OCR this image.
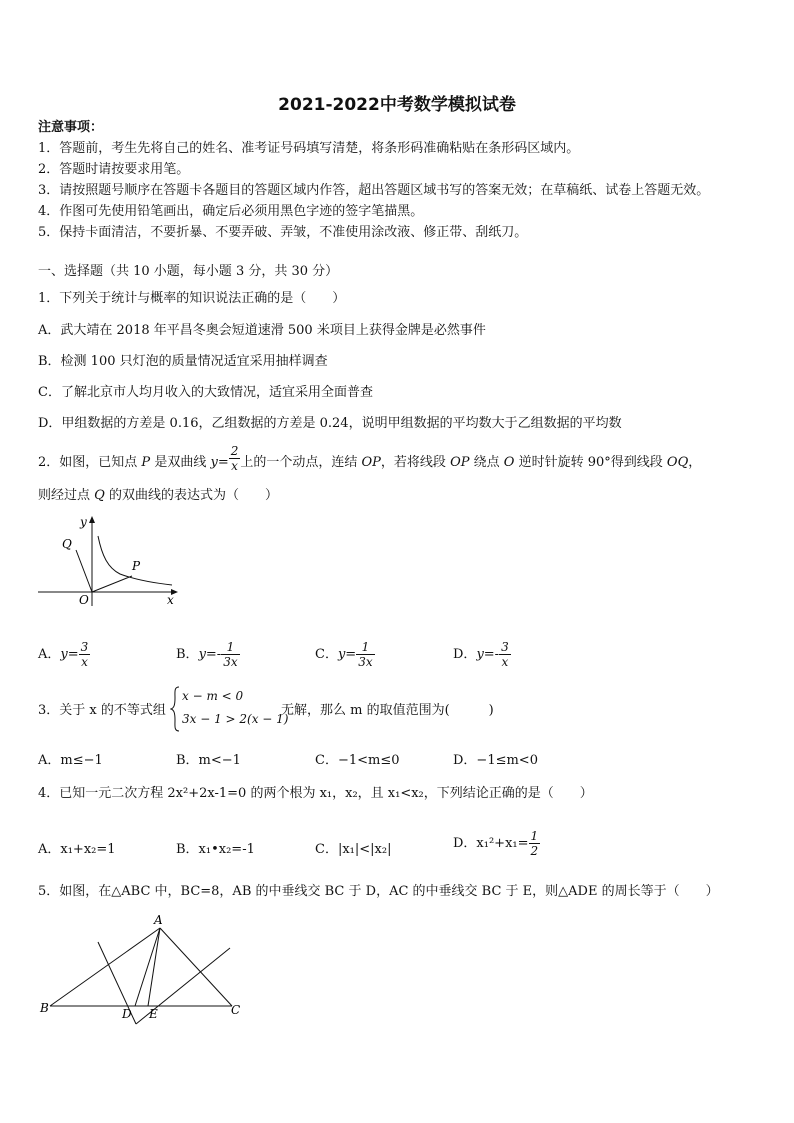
2021-2022中考数学模拟试卷
注意事项：
1．答题前，考生先将自己的姓名、准考证号码填写清楚，将条形码准确粘贴在条形码区域内。
2．答题时请按要求用笔。
3．请按照题号顺序在答题卡各题目的答题区域内作答，超出答题区域书写的答案无效；在草稿纸、试卷上答题无效。
4．作图可先使用铅笔画出，确定后必须用黑色字迹的签字笔描黑。
5．保持卡面清洁，不要折暴、不要弄破、弄皱，不准使用涂改液、修正带、刮纸刀。
一、选择题（共 10 小题，每小题 3 分，共 30 分）
1．下列关于统计与概率的知识说法正确的是（　　）
A．武大靖在 2018 年平昌冬奥会短道速滑 500 米项目上获得金牌是必然事件
B．检测 100 只灯泡的质量情况适宜采用抽样调查
C．了解北京市人均月收入的大致情况，适宜采用全面普查
D．甲组数据的方差是 0.16，乙组数据的方差是 0.24，说明甲组数据的平均数大于乙组数据的平均数
2．如图，已知点 P 是双曲线 $y= \frac{2}{x}$ 上的一个动点，连结 OP，若将线段 OP 绕点 O 逆时针旋转 90°得到线段 OQ，
则经过点 Q 的双曲线的表达式为（　　）
y
x
O
P
Q
A．$y= \frac{3}{x}$	B．$y=- \frac{1}{3x}$	C．$y= \frac{1}{3x}$	D．$y=- \frac{3}{x}$
3．关于 x 的不等式组
x − m < 0
3x − 1 > 2(x − 1)
无解，那么 m 的取值范围为(　　　)
A．m≤−1	B．m<−1	C．−1<m≤0	D．−1≤m<0
4．已知一元二次方程 2x²+2x-1=0 的两个根为 x₁，x₂，且 x₁<x₂，下列结论正确的是（　　）
A．x₁+x₂=1	B．x₁•x₂=-1	C．|x₁|<|x₂|	D．$x_1^2+x_1= \frac{1}{2}$
5．如图，在△ABC 中，BC=8，AB 的中垂线交 BC 于 D，AC 的中垂线交 BC 于 E，则△ADE 的周长等于（　　）
A
B	C
D E
